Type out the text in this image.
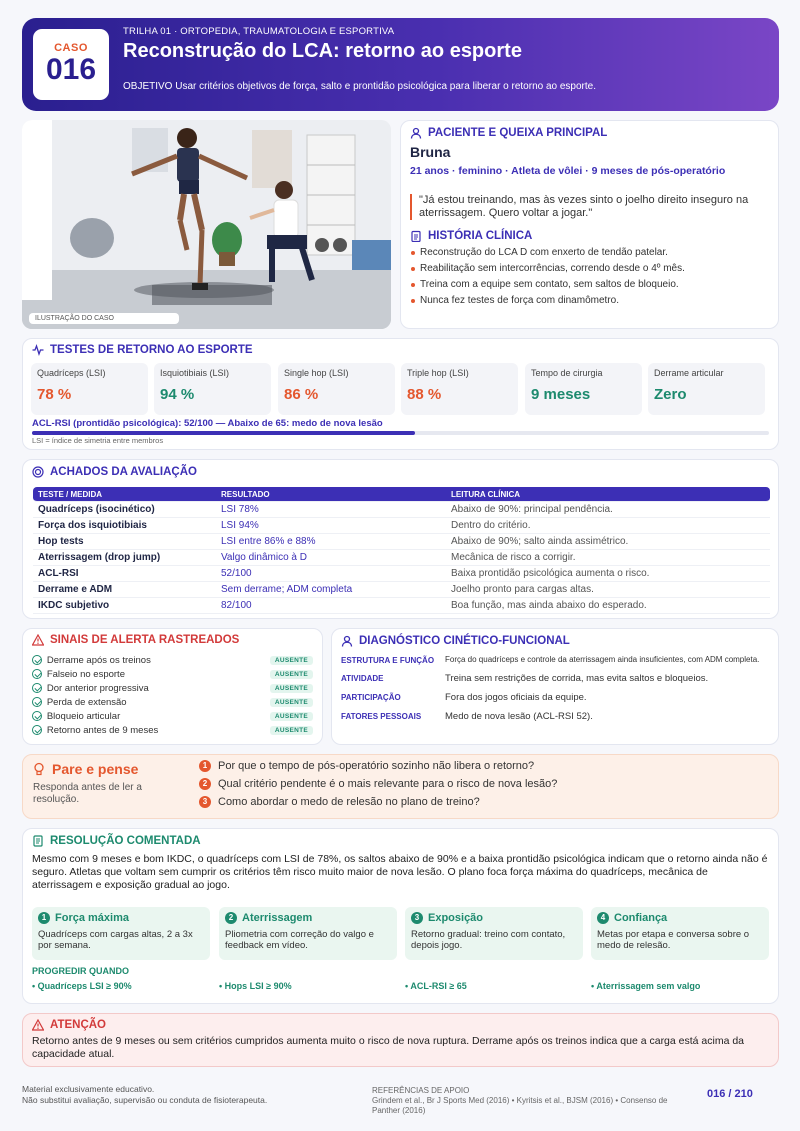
CASO
016
TRILHA 01 · ORTOPEDIA, TRAUMATOLOGIA E ESPORTIVA
Reconstrução do LCA: retorno ao esporte
OBJETIVO Usar critérios objetivos de força, salto e prontidão psicológica para liberar o retorno ao esporte.
ILUSTRAÇÃO DO CASO
PACIENTE E QUEIXA PRINCIPAL
Bruna
21 anos · feminino · Atleta de vôlei · 9 meses de pós-operatório
"Já estou treinando, mas às vezes sinto o joelho direito inseguro na aterrissagem. Quero voltar a jogar."
HISTÓRIA CLÍNICA
Reconstrução do LCA D com enxerto de tendão patelar.
Reabilitação sem intercorrências, correndo desde o 4º mês.
Treina com a equipe sem contato, sem saltos de bloqueio.
Nunca fez testes de força com dinamômetro.
TESTES DE RETORNO AO ESPORTE
Quadríceps (LSI)
78 %
Isquiotibiais (LSI)
94 %
Single hop (LSI)
86 %
Triple hop (LSI)
88 %
Tempo de cirurgia
9 meses
Derrame articular
Zero
ACL-RSI (prontidão psicológica): 52/100 — Abaixo de 65: medo de nova lesão
LSI = índice de simetria entre membros
ACHADOS DA AVALIAÇÃO
TESTE / MEDIDA	RESULTADO	LEITURA CLÍNICA
Quadríceps (isocinético)	LSI 78%	Abaixo de 90%: principal pendência.
Força dos isquiotibiais	LSI 94%	Dentro do critério.
Hop tests	LSI entre 86% e 88%	Abaixo de 90%; salto ainda assimétrico.
Aterrissagem (drop jump)	Valgo dinâmico à D	Mecânica de risco a corrigir.
ACL-RSI	52/100	Baixa prontidão psicológica aumenta o risco.
Derrame e ADM	Sem derrame; ADM completa	Joelho pronto para cargas altas.
IKDC subjetivo	82/100	Boa função, mas ainda abaixo do esperado.
SINAIS DE ALERTA RASTREADOS
Derrame após os treinos	AUSENTE
Falseio no esporte	AUSENTE
Dor anterior progressiva	AUSENTE
Perda de extensão	AUSENTE
Bloqueio articular	AUSENTE
Retorno antes de 9 meses	AUSENTE
DIAGNÓSTICO CINÉTICO-FUNCIONAL
ESTRUTURA E FUNÇÃO	Força do quadríceps e controle da aterrissagem ainda insuficientes, com ADM completa.
ATIVIDADE	Treina sem restrições de corrida, mas evita saltos e bloqueios.
PARTICIPAÇÃO	Fora dos jogos oficiais da equipe.
FATORES PESSOAIS	Medo de nova lesão (ACL-RSI 52).
Pare e pense
Responda antes de ler a resolução.
1 Por que o tempo de pós-operatório sozinho não libera o retorno?
2 Qual critério pendente é o mais relevante para o risco de nova lesão?
3 Como abordar o medo de relesão no plano de treino?
RESOLUÇÃO COMENTADA
Mesmo com 9 meses e bom IKDC, o quadríceps com LSI de 78%, os saltos abaixo de 90% e a baixa prontidão psicológica indicam que o retorno ainda não é seguro. Atletas que voltam sem cumprir os critérios têm risco muito maior de nova lesão. O plano foca força máxima do quadríceps, mecânica de aterrissagem e exposição gradual ao jogo.
1 Força máxima
Quadríceps com cargas altas, 2 a 3x por semana.
2 Aterrissagem
Pliometria com correção do valgo e feedback em vídeo.
3 Exposição
Retorno gradual: treino com contato, depois jogo.
4 Confiança
Metas por etapa e conversa sobre o medo de relesão.
PROGREDIR QUANDO
• Quadríceps LSI ≥ 90%	• Hops LSI ≥ 90%	• ACL-RSI ≥ 65	• Aterrissagem sem valgo
ATENÇÃO
Retorno antes de 9 meses ou sem critérios cumpridos aumenta muito o risco de nova ruptura. Derrame após os treinos indica que a carga está acima da capacidade atual.
Material exclusivamente educativo.
Não substitui avaliação, supervisão ou conduta de fisioterapeuta.
REFERÊNCIAS DE APOIO
Grindem et al., Br J Sports Med (2016) • Kyritsis et al., BJSM (2016) • Consenso de Panther (2016)
016 / 210
